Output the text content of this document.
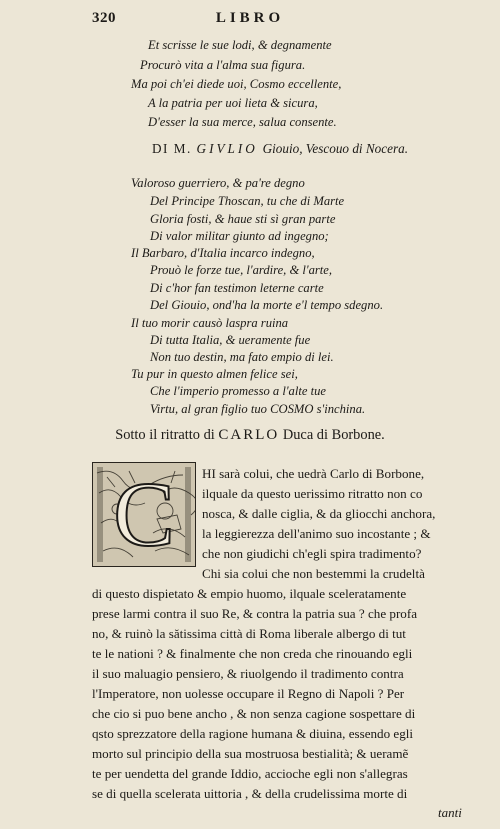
320	LIBRO
Et scrisse le sue lodi, & degnamente
Procurò vita a l'alma sua figura.
Ma poi ch'ei diede uoi, Cosmo eccellente,
A la patria per uoi lieta & sicura,
D'esser la sua merce, salua consente.
DI M. GIVLIO Giouio, Vescouo di Nocera.
Valoroso guerriero, & pa're degno
Del Principe Thoscan, tu che di Marte
Gloria fosti, & haue sti sì gran parte
Di valor militar giunto ad ingegno;
Il Barbaro, d'Italia incarco indegno,
Prouò le forze tue, l'ardire, & l'arte,
Di c'hor fan testimon leterne carte
Del Giouio, ond'ha la morte e'l tempo sdegno.
Il tuo morir causò laspra ruina
Di tutta Italia, & ueramente fue
Non tuo destin, ma fato empio di lei.
Tu pur in questo almen felice sei,
Che l'imperio promesso a l'alte tue
Virtu, al gran figlio tuo COSMO s'inchina.
Sotto il ritratto di CARLO Duca di Borbone.
C HI sarà colui, che uedrà Carlo di Borbone,
ilquale da questo uerissimo ritratto non co
nosca, & dalle ciglia, & da gliocchi anchora,
la leggierezza dell'animo suo incostante ; &
che non giudichi ch'egli spira tradimento?
Chi sia colui che non bestemmi la crudeltà
di questo dispietato & empio huomo, ilquale sceleratamente
prese larmi contra il suo Re, & contra la patria sua ? che profa
no, & ruinò la sătissima città di Roma liberale albergo di tut
te le nationi ? & finalmente che non creda che rinouando egli
il suo maluagio pensiero, & riuolgendo il tradimento contra
l'Imperatore, non uolesse occupare il Regno di Napoli ? Per
che cio si puo bene ancho , & non senza cagione sospettare di
qsto sprezzatore della ragione humana & diuina, essendo egli
morto sul principio della sua mostruosa bestialità; & ueramẽ
te per uendetta del grande Iddio, accioche egli non s'allegras
se di quella scelerata uittoria , & della crudelissima morte di
tanti
